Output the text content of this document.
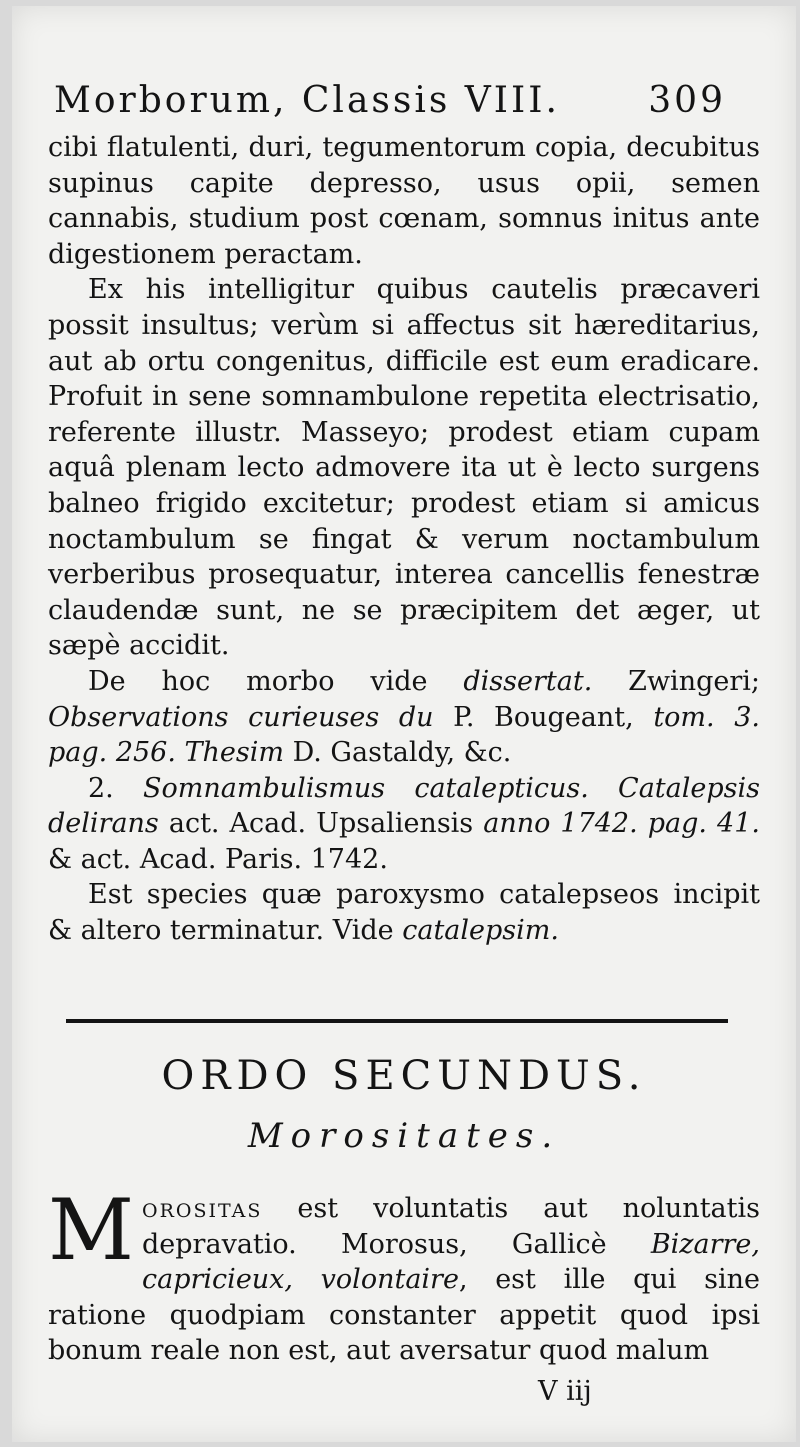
Morborum, Classis VIII. 309

cibi flatulenti, duri, tegumentorum copia, decubitus supinus capite depresso, usus opii, semen cannabis, studium post cœnam, somnus initus ante digestionem peractam.

Ex his intelligitur quibus cautelis præcaveri possit insultus; verùm si affectus sit hæreditarius, aut ab ortu congenitus, difficile est eum eradicare. Profuit in sene somnambulone repetita electrisatio, referente illustr. Masseyo; prodest etiam cupam aquâ plenam lecto admovere ita ut è lecto surgens balneo frigido excitetur; prodest etiam si amicus noctambulum se fingat & verum noctambulum verberibus prosequatur, interea cancellis fenestræ claudendæ sunt, ne se præcipitem det æger, ut sæpè accidit.

De hoc morbo vide dissertat. Zwingeri; Observations curieuses du P. Bougeant, tom. 3. pag. 256. Thesim D. Gastaldy, &c.

2. Somnambulismus catalepticus. Catalepsis delirans act. Acad. Upsaliensis anno 1742. pag. 41. & act. Acad. Paris. 1742.

Est species quæ paroxysmo catalepseos incipit & altero terminatur. Vide catalepsim.

ORDO SECUNDUS.
Morositates.
Morositas est voluntatis aut noluntatis depravatio. Morosus, Gallicè Bizarre, capricieux, volontaire, est ille qui sine ratione quodpiam constanter appetit quod ipsi bonum reale non est, aut aversatur quod malum
V iij
